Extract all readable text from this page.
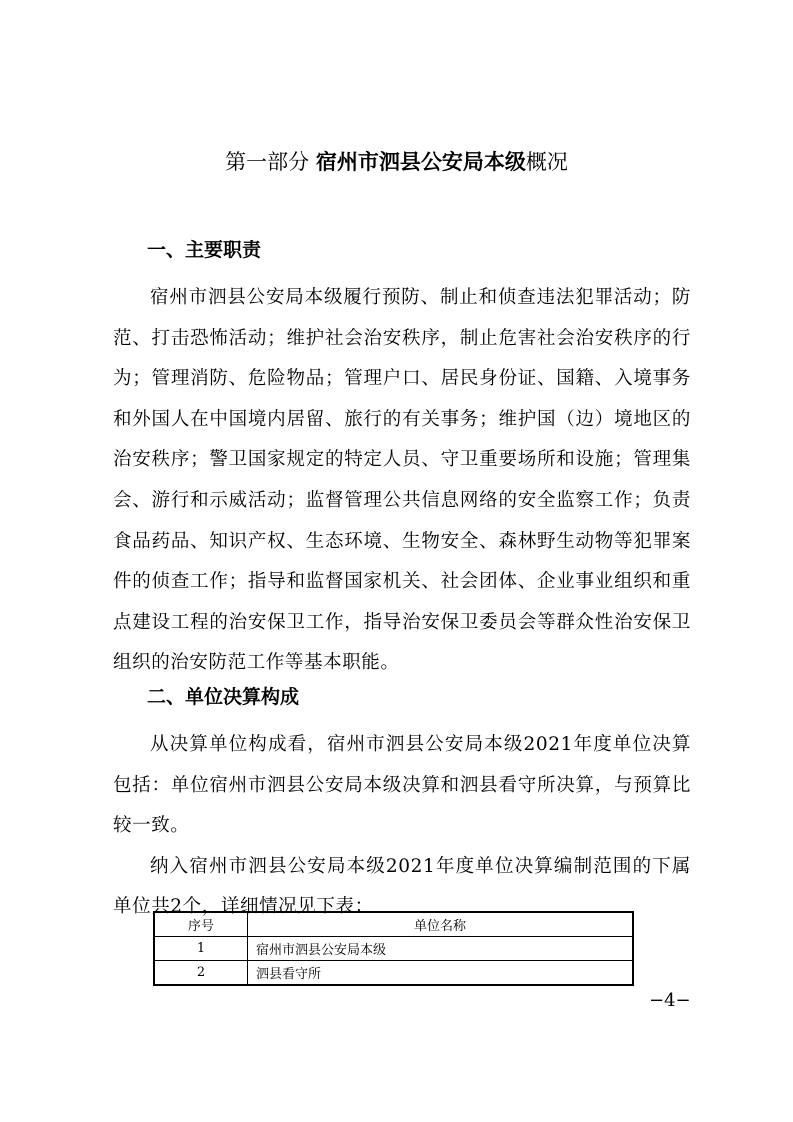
第一部分 宿州市泗县公安局本级概况
一、主要职责

宿州市泗县公安局本级履行预防、制止和侦查违法犯罪活动；防范、打击恐怖活动；维护社会治安秩序，制止危害社会治安秩序的行为；管理消防、危险物品；管理户口、居民身份证、国籍、入境事务和外国人在中国境内居留、旅行的有关事务；维护国（边）境地区的治安秩序；警卫国家规定的特定人员、守卫重要场所和设施；管理集会、游行和示威活动；监督管理公共信息网络的安全监察工作；负责食品药品、知识产权、生态环境、生物安全、森林野生动物等犯罪案件的侦查工作；指导和监督国家机关、社会团体、企业事业组织和重点建设工程的治安保卫工作，指导治安保卫委员会等群众性治安保卫组织的治安防范工作等基本职能。

二、单位决算构成

从决算单位构成看，宿州市泗县公安局本级2021年度单位决算包括：单位宿州市泗县公安局本级决算和泗县看守所决算，与预算比较一致。

纳入宿州市泗县公安局本级2021年度单位决算编制范围的下属单位共2个，详细情况见下表：

序号	单位名称
1	宿州市泗县公安局本级
2	泗县看守所
−4−
